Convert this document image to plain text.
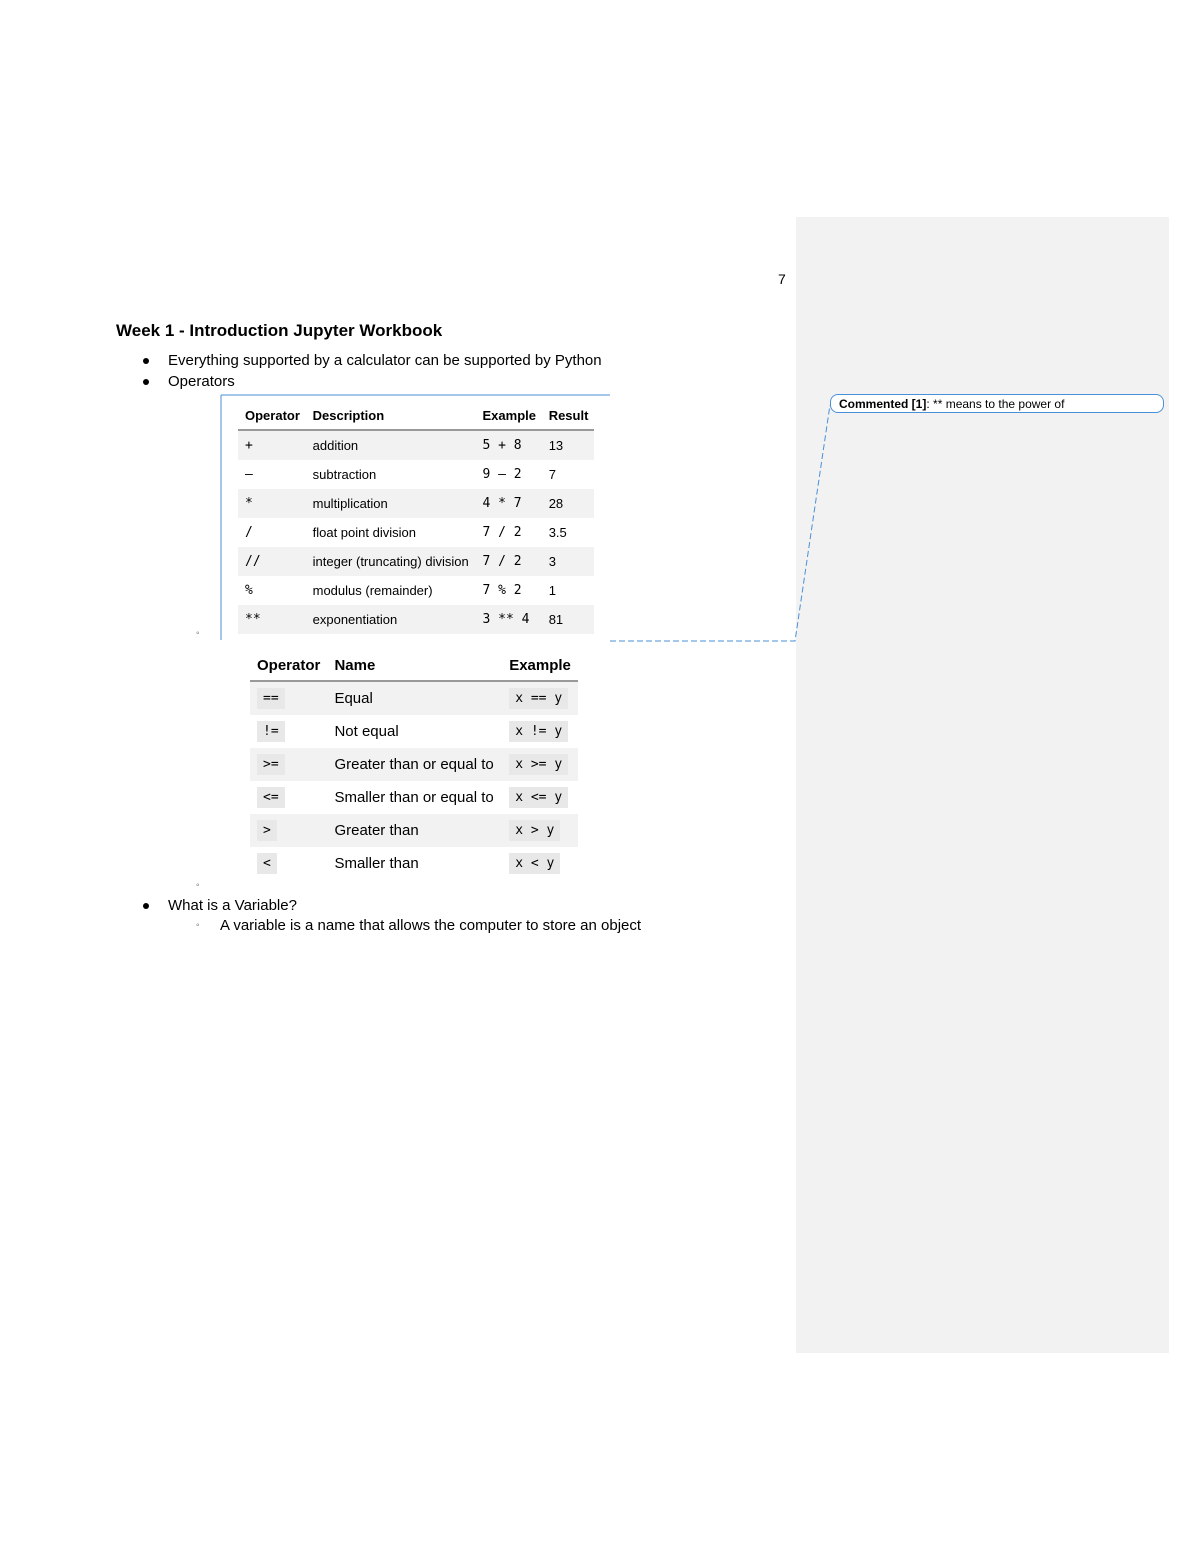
7
Week 1 - Introduction Jupyter Workbook
Everything supported by a calculator can be supported by Python
Operators
Operator	Description	Example	Result
+	addition	5 + 8	13
–	subtraction	9 – 2	7
*	multiplication	4 * 7	28
/	float point division	7 / 2	3.5
//	integer (truncating) division	7 / 2	3
%	modulus (remainder)	7 % 2	1
**	exponentiation	3 ** 4	81
◦
Operator	Name	Example
==	Equal	x == y
!=	Not equal	x != y
>=	Greater than or equal to	x >= y
<=	Smaller than or equal to	x <= y
>	Greater than	x > y
<	Smaller than	x < y
◦
What is a Variable?
◦	A variable is a name that allows the computer to store an object
Commented [1] :
** means to the power of
